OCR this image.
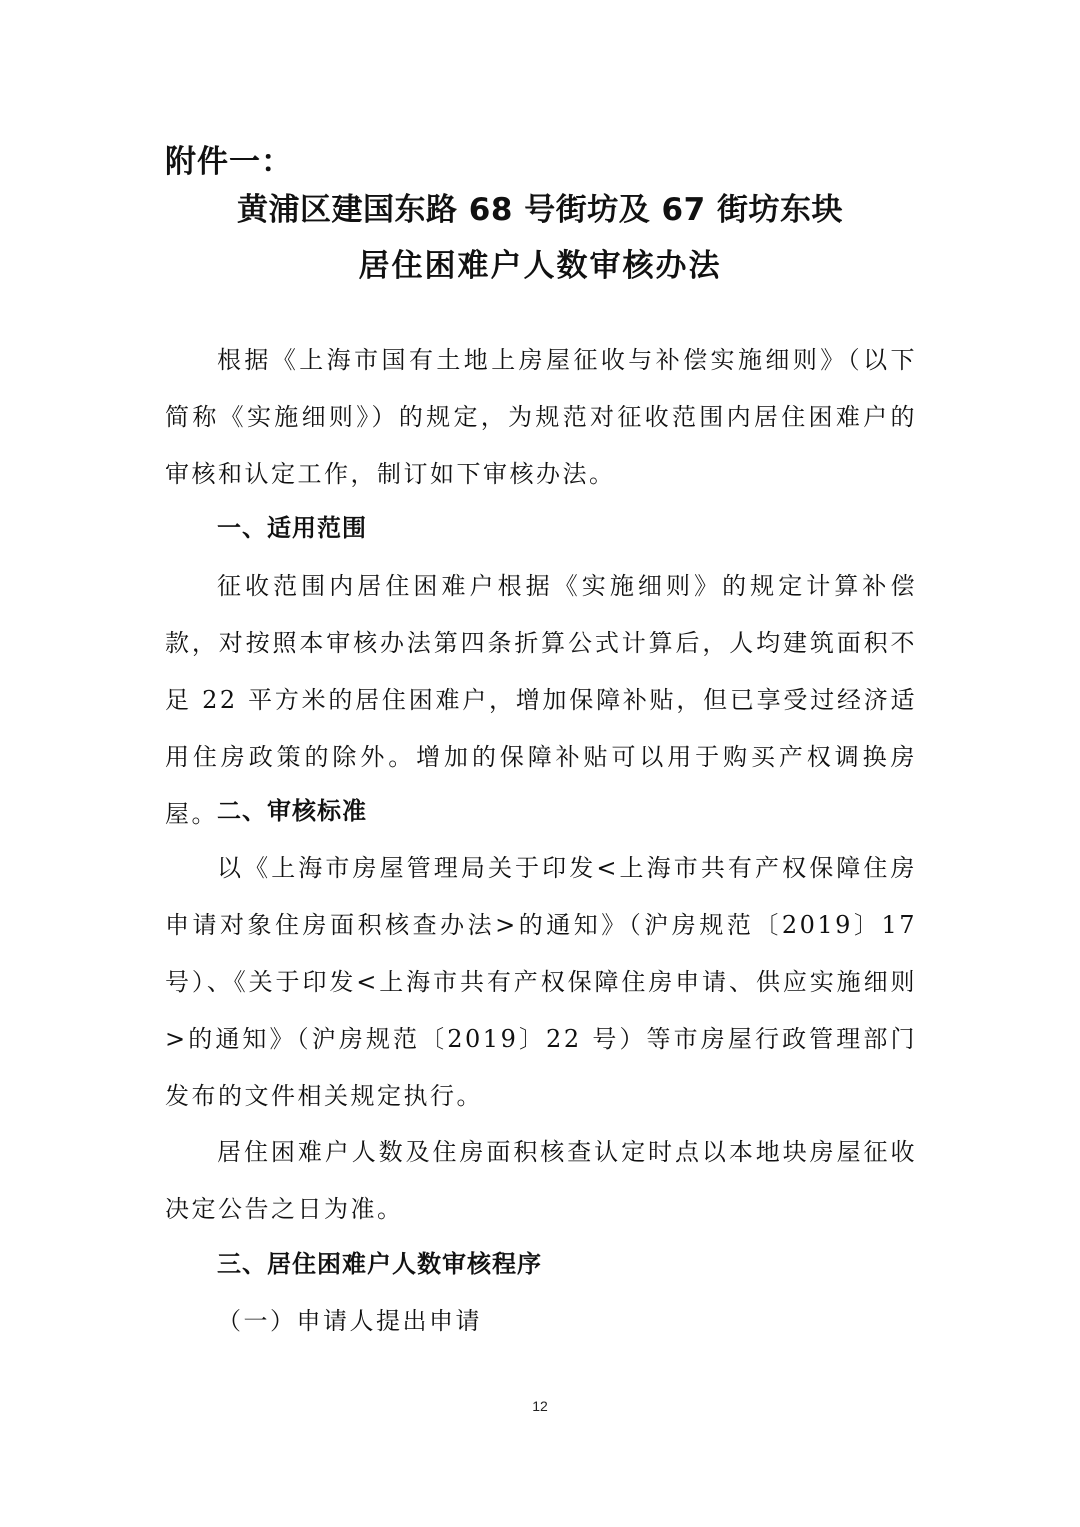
附件一：
黄浦区建国东路 68 号街坊及 67 街坊东块
居住困难户人数审核办法
根据《上海市国有土地上房屋征收与补偿实施细则》（以下简称《实施细则》）的规定，为规范对征收范围内居住困难户的审核和认定工作，制订如下审核办法。
一、适用范围
征收范围内居住困难户根据《实施细则》的规定计算补偿款，对按照本审核办法第四条折算公式计算后，人均建筑面积不足 22 平方米的居住困难户，增加保障补贴，但已享受过经济适用住房政策的除外。增加的保障补贴可以用于购买产权调换房屋。 二、审核标准
以《上海市房屋管理局关于印发<上海市共有产权保障住房申请对象住房面积核查办法>的通知》（沪房规范〔2019〕17 号）、《关于印发<上海市共有产权保障住房申请、供应实施细则>的通知》（沪房规范〔2019〕22 号）等市房屋行政管理部门发布的文件相关规定执行。
居住困难户人数及住房面积核查认定时点以本地块房屋征收决定公告之日为准。
三、居住困难户人数审核程序
（一）申请人提出申请
12
